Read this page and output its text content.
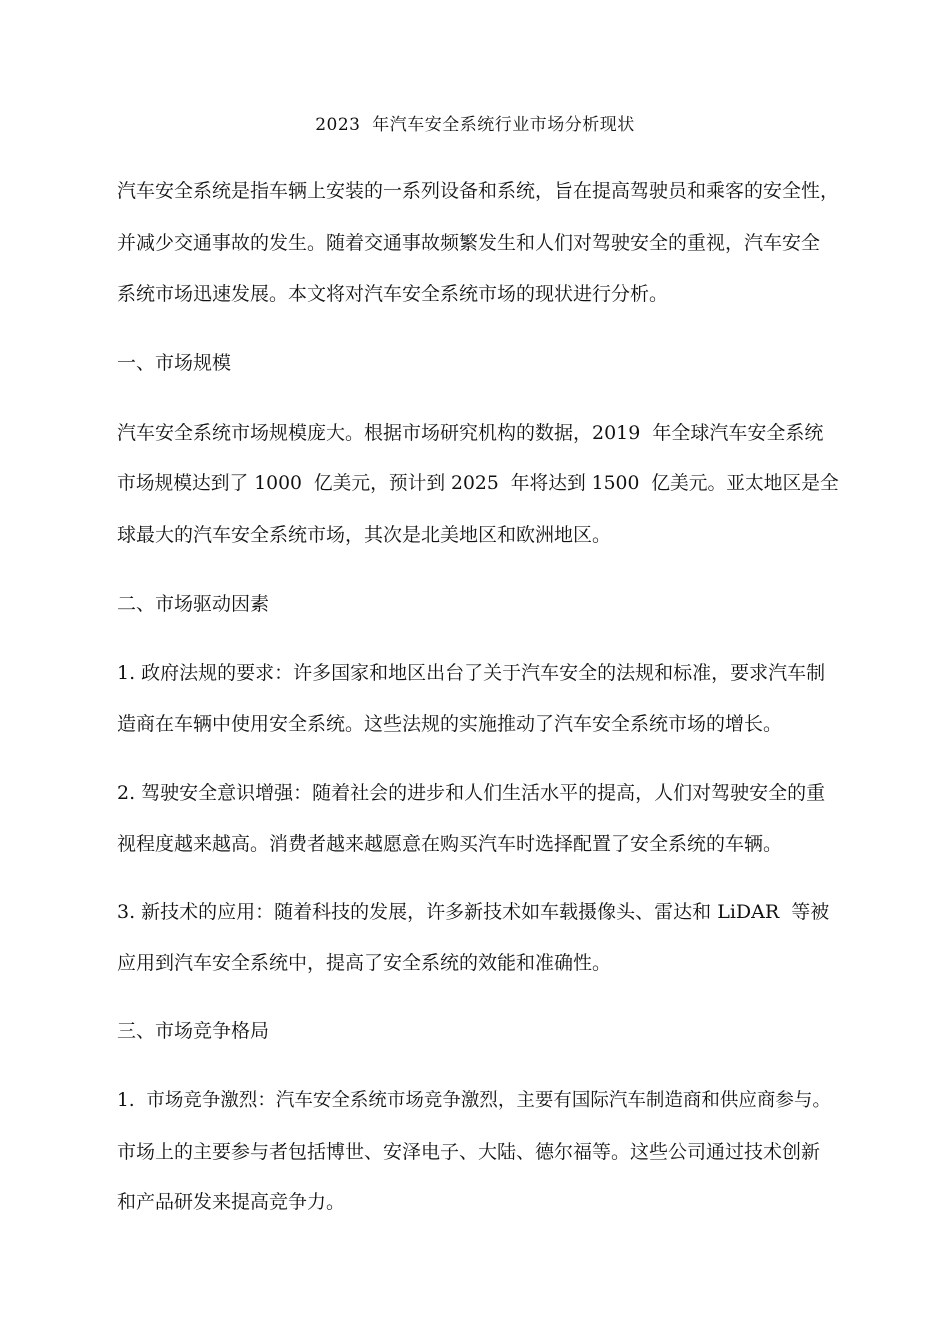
2023  年汽车安全系统行业市场分析现状
汽车安全系统是指车辆上安装的一系列设备和系统，旨在提高驾驶员和乘客的安全性，
并减少交通事故的发生。随着交通事故频繁发生和人们对驾驶安全的重视，汽车安全
系统市场迅速发展。本文将对汽车安全系统市场的现状进行分析。
一、市场规模
汽车安全系统市场规模庞大。根据市场研究机构的数据，2019  年全球汽车安全系统
市场规模达到了 1000  亿美元，预计到 2025  年将达到 1500  亿美元。亚太地区是全
球最大的汽车安全系统市场，其次是北美地区和欧洲地区。
二、市场驱动因素
1. 政府法规的要求：许多国家和地区出台了关于汽车安全的法规和标准，要求汽车制
造商在车辆中使用安全系统。这些法规的实施推动了汽车安全系统市场的增长。
2. 驾驶安全意识增强：随着社会的进步和人们生活水平的提高，人们对驾驶安全的重
视程度越来越高。消费者越来越愿意在购买汽车时选择配置了安全系统的车辆。
3. 新技术的应用：随着科技的发展，许多新技术如车载摄像头、雷达和 LiDAR  等被
应用到汽车安全系统中，提高了安全系统的效能和准确性。
三、市场竞争格局
1.  市场竞争激烈：汽车安全系统市场竞争激烈，主要有国际汽车制造商和供应商参与。
市场上的主要参与者包括博世、安泽电子、大陆、德尔福等。这些公司通过技术创新
和产品研发来提高竞争力。
